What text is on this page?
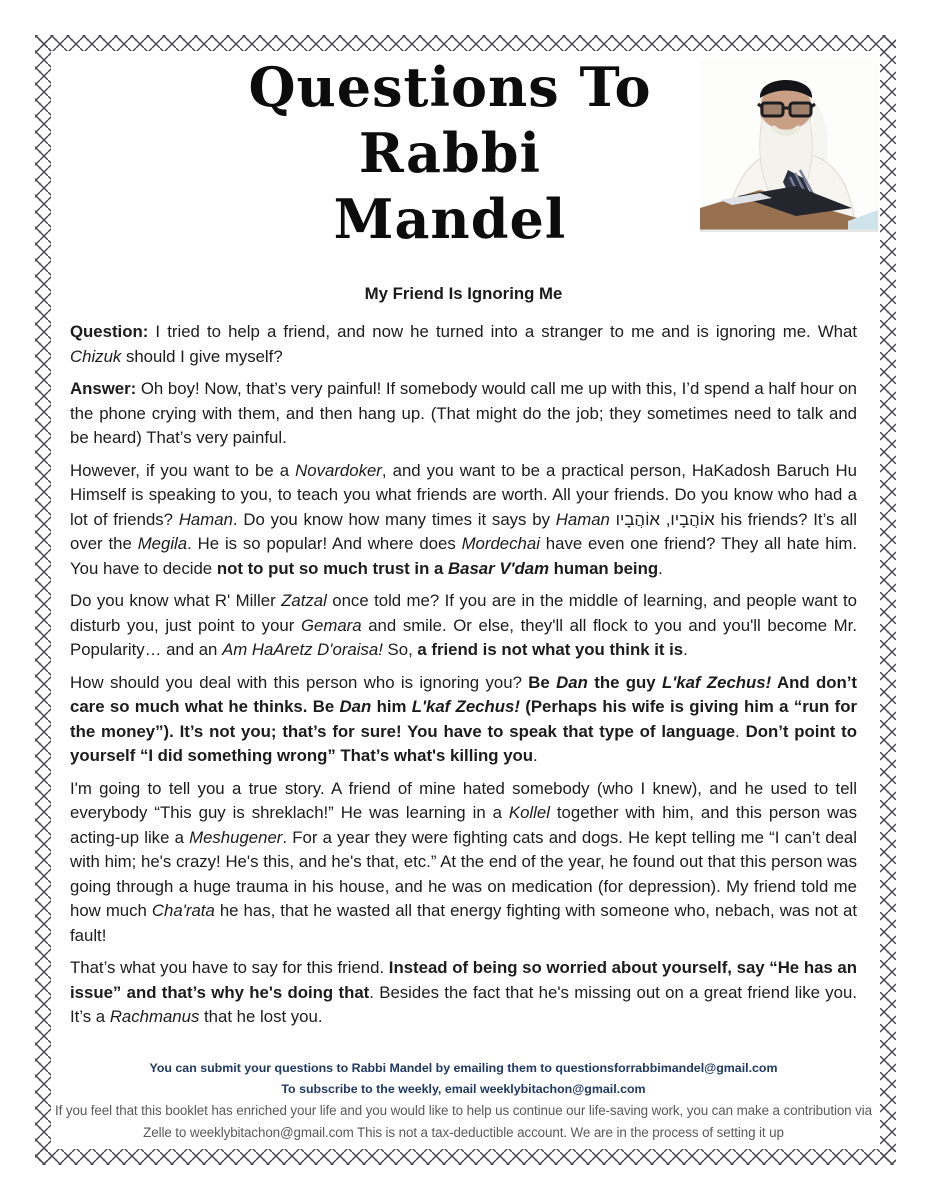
Questions To
Rabbi
Mandel
My Friend Is Ignoring Me

Question: I tried to help a friend, and now he turned into a stranger to me and is ignoring me. What Chizuk should I give myself?

Answer: Oh boy! Now, that’s very painful! If somebody would call me up with this, I’d spend a half hour on the phone crying with them, and then hang up. (That might do the job; they sometimes need to talk and be heard) That’s very painful.

However, if you want to be a Novardoker, and you want to be a practical person, HaKadosh Baruch Hu Himself is speaking to you, to teach you what friends are worth. All your friends. Do you know who had a lot of friends? Haman. Do you know how many times it says by Haman אוֹהֲבָיו, אוֹהֲבָיו his friends? It’s all over the Megila. He is so popular! And where does Mordechai have even one friend? They all hate him. You have to decide not to put so much trust in a Basar V'dam human being.

Do you know what R' Miller Zatzal once told me? If you are in the middle of learning, and people want to disturb you, just point to your Gemara and smile. Or else, they'll all flock to you and you'll become Mr. Popularity… and an Am HaAretz D'oraisa! So, a friend is not what you think it is.

How should you deal with this person who is ignoring you? Be Dan the guy L'kaf Zechus! And don’t care so much what he thinks. Be Dan him L'kaf Zechus! (Perhaps his wife is giving him a “run for the money”). It’s not you; that’s for sure! You have to speak that type of language. Don’t point to yourself “I did something wrong” That’s what's killing you.

I'm going to tell you a true story. A friend of mine hated somebody (who I knew), and he used to tell everybody “This guy is shreklach!” He was learning in a Kollel together with him, and this person was acting-up like a Meshugener. For a year they were fighting cats and dogs. He kept telling me “I can’t deal with him; he's crazy! He's this, and he's that, etc.” At the end of the year, he found out that this person was going through a huge trauma in his house, and he was on medication (for depression). My friend told me how much Cha'rata he has, that he wasted all that energy fighting with someone who, nebach, was not at fault!

That’s what you have to say for this friend. Instead of being so worried about yourself, say “He has an issue” and that’s why he's doing that. Besides the fact that he's missing out on a great friend like you. It’s a Rachmanus that he lost you.

You can submit your questions to Rabbi Mandel by emailing them to questionsforrabbimandel@gmail.com
To subscribe to the weekly, email weeklybitachon@gmail.com
If you feel that this booklet has enriched your life and you would like to help us continue our life-saving work, you can make a contribution via
Zelle to weeklybitachon@gmail.com This is not a tax-deductible account. We are in the process of setting it up
